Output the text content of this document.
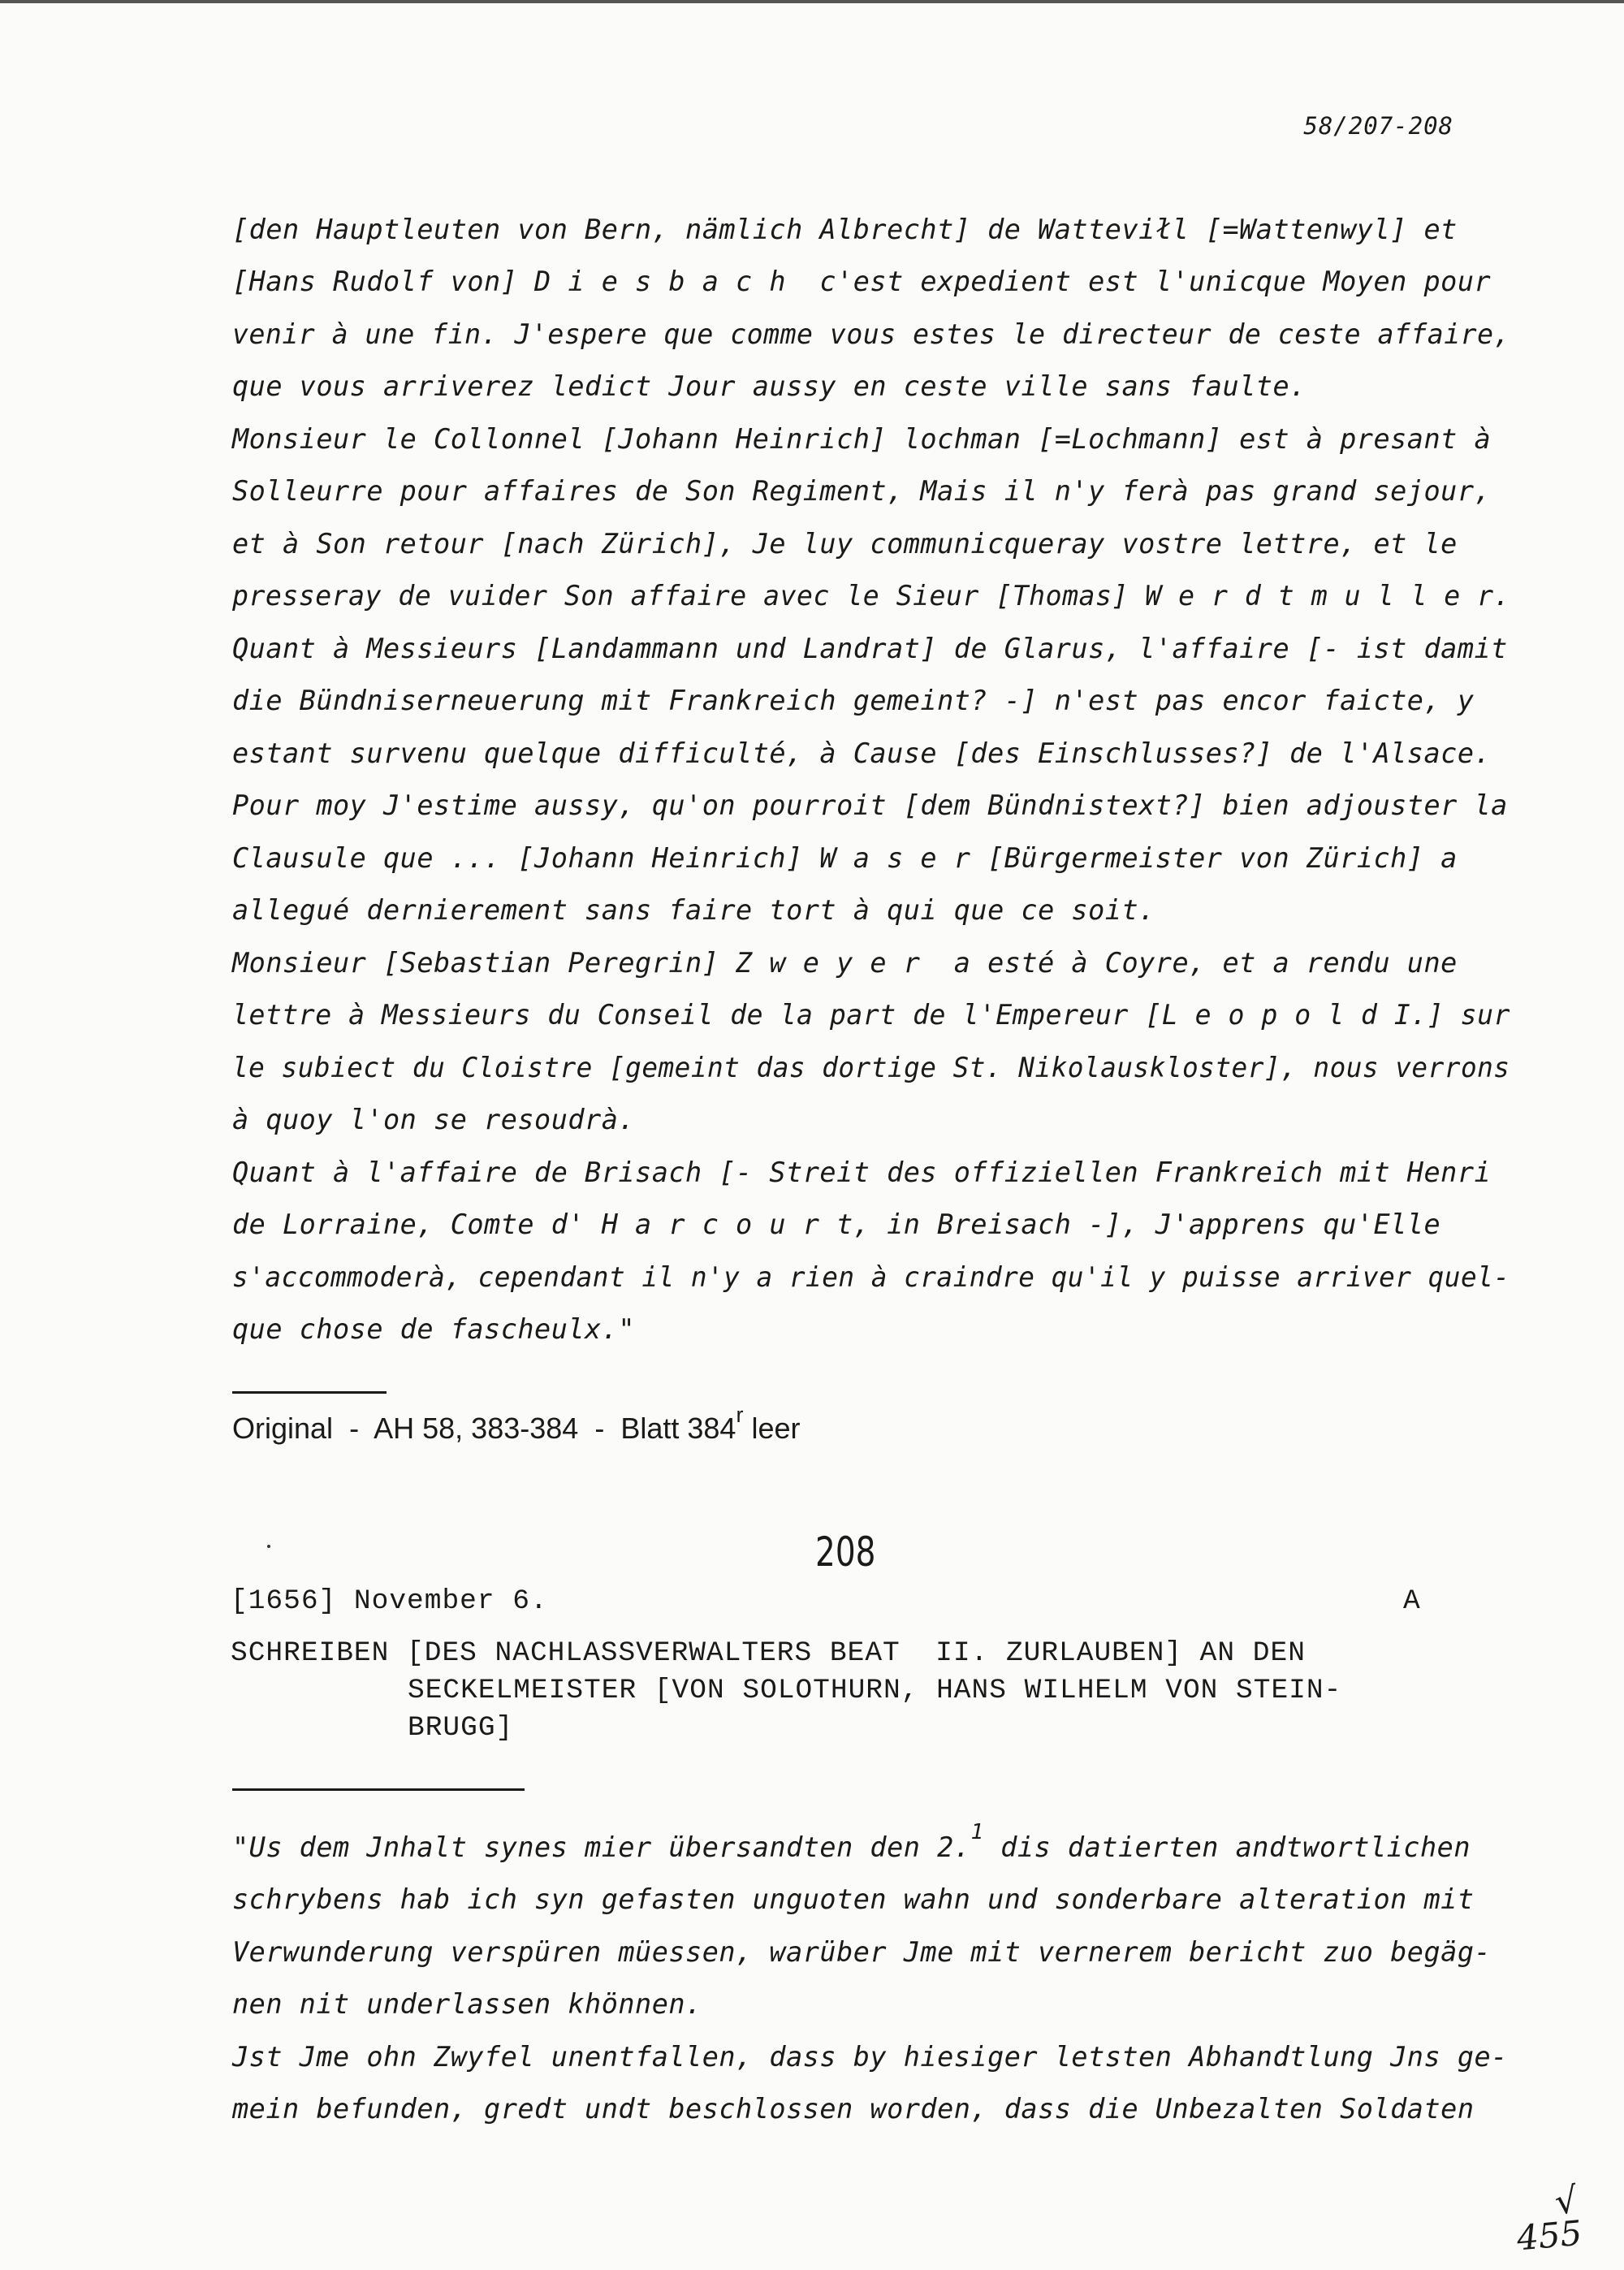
58/207-208
[den Hauptleuten von Bern, nämlich Albrecht] de Watteviłl [=Wattenwyl] et
[Hans Rudolf von] D i e s b a c h  c'est expedient est l'unicque Moyen pour
venir à une fin. J'espere que comme vous estes le directeur de ceste affaire,
que vous arriverez ledict Jour aussy en ceste ville sans faulte.
Monsieur le Collonnel [Johann Heinrich] lochman [=Lochmann] est à presant à
Solleurre pour affaires de Son Regiment, Mais il n'y ferà pas grand sejour,
et à Son retour [nach Zürich], Je luy communicqueray vostre lettre, et le
presseray de vuider Son affaire avec le Sieur [Thomas] W e r d t m u l l e r.
Quant à Messieurs [Landammann und Landrat] de Glarus, l'affaire [- ist damit
die Bündniserneuerung mit Frankreich gemeint? -] n'est pas encor faicte, y
estant survenu quelque difficulté, à Cause [des Einschlusses?] de l'Alsace.
Pour moy J'estime aussy, qu'on pourroit [dem Bündnistext?] bien adjouster la
Clausule que ... [Johann Heinrich] W a s e r [Bürgermeister von Zürich] a
allegué dernierement sans faire tort à qui que ce soit.
Monsieur [Sebastian Peregrin] Z w e y e r  a esté à Coyre, et a rendu une
lettre à Messieurs du Conseil de la part de l'Empereur [L e o p o l d I.] sur
le subiect du Cloistre [gemeint das dortige St. Nikolauskloster], nous verrons
à quoy l'on se resoudrà.
Quant à l'affaire de Brisach [- Streit des offiziellen Frankreich mit Henri
de Lorraine, Comte d' H a r c o u r t, in Breisach -], J'apprens qu'Elle
s'accommoderà, cependant il n'y a rien à craindre qu'il y puisse arriver quel-
que chose de fascheulx."
Original - AH 58, 383-384 - Blatt 384$^r$ leer
208
[1656] November 6.	A
SCHREIBEN [DES NACHLASSVERWALTERS BEAT  II. ZURLAUBEN] AN DEN
SECKELMEISTER [VON SOLOTHURN, HANS WILHELM VON STEIN-
BRUGG]
"Us dem Jnhalt synes mier übersandten den 2.$^1$ dis datierten andtwortlichen
schrybens hab ich syn gefasten unguoten wahn und sonderbare alteration mit
Verwunderung verspüren müessen, warüber Jme mit vernerem bericht zuo begäg-
nen nit underlassen khönnen.
Jst Jme ohn Zwyfel unentfallen, dass by hiesiger letsten Abhandtlung Jns ge-
mein befunden, gredt undt beschlossen worden, dass die Unbezalten Soldaten
√
455
